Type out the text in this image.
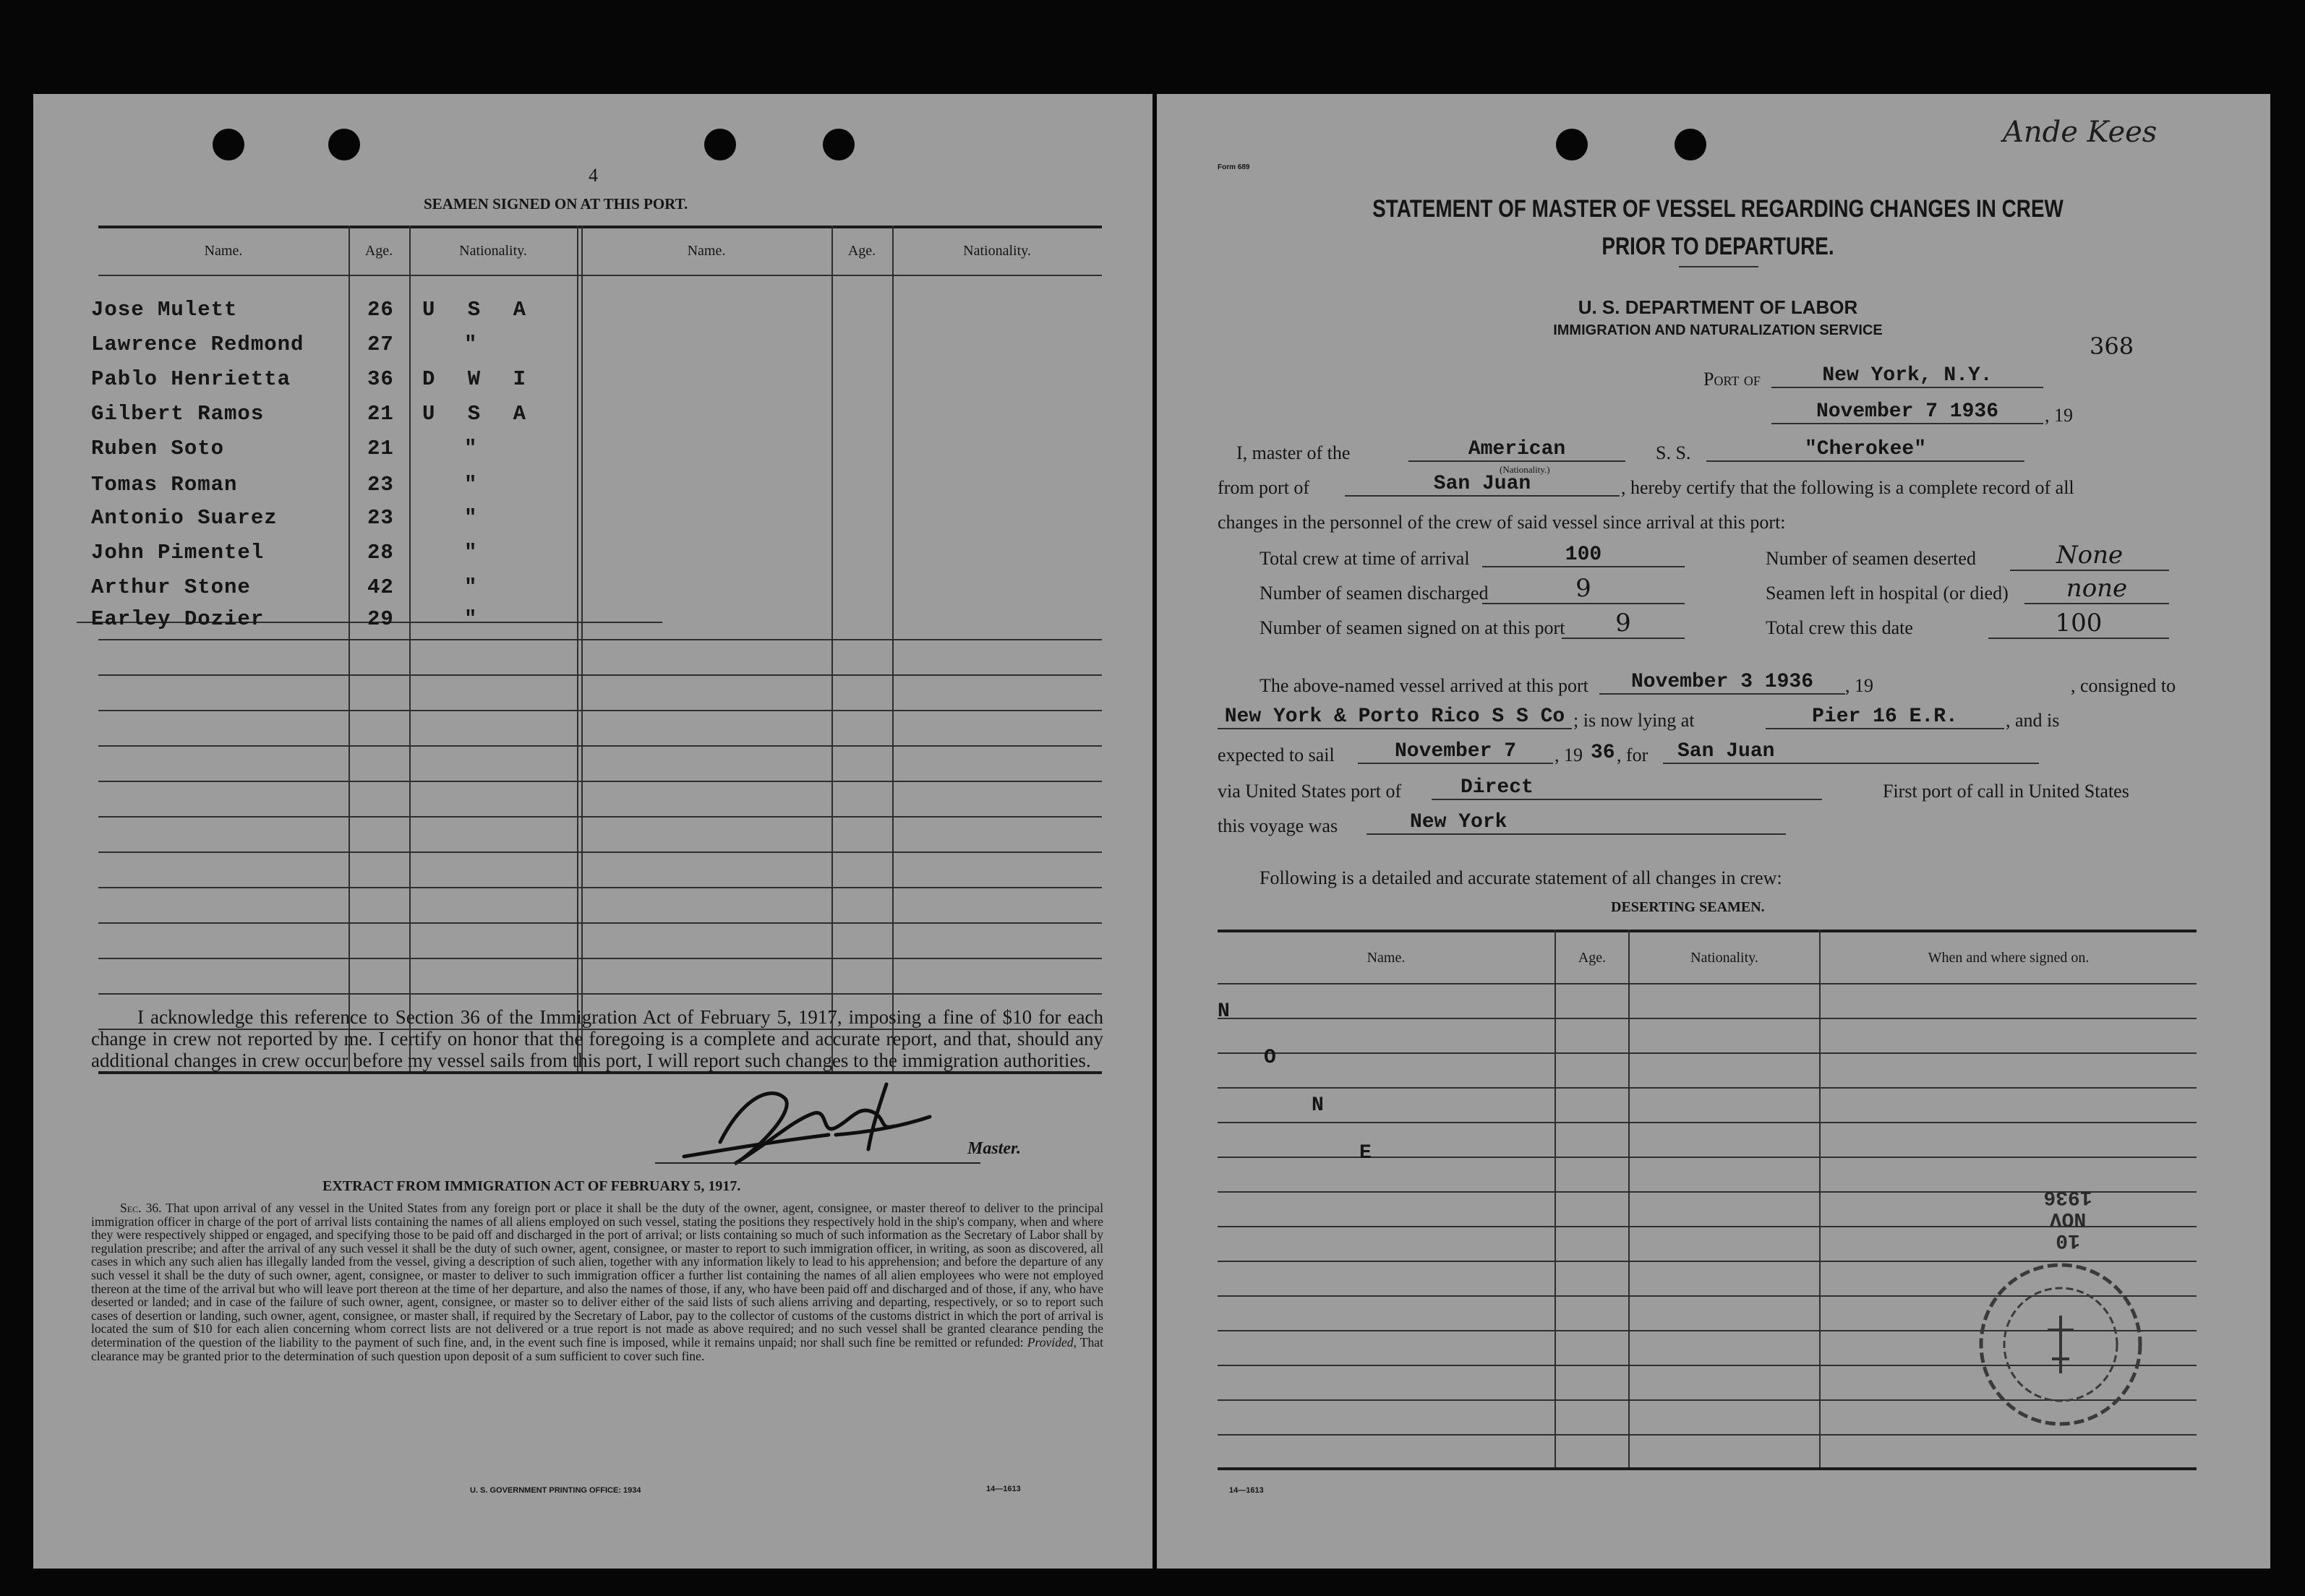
4
SEAMEN SIGNED ON AT THIS PORT.
Name.	Age.	Nationality.	Name.	Age.	Nationality.
Jose Mulett	26 U S A
Lawrence Redmond	27	"
Pablo Henrietta	36 D W I
Gilbert Ramos	21 U S A
Ruben Soto	21	"
Tomas Roman	23	"
Antonio Suarez	23	"
John Pimentel	28	"
Arthur Stone	42	"
Earley Dozier	29	"
I acknowledge this reference to Section 36 of the Immigration Act of February 5, 1917, imposing a fine of $10 for each change in crew not reported by me. I certify on honor that the foregoing is a complete and accurate report, and that, should any additional changes in crew occur before my vessel sails from this port, I will report such changes to the immigration authorities.
Master.
EXTRACT FROM IMMIGRATION ACT OF FEBRUARY 5, 1917.
Sec. 36. That upon arrival of any vessel in the United States from any foreign port or place it shall be the duty of the owner, agent, consignee, or master thereof to deliver to the principal immigration officer in charge of the port of arrival lists containing the names of all aliens employed on such vessel, stating the positions they respectively hold in the ship's company, when and where they were respectively shipped or engaged, and specifying those to be paid off and discharged in the port of arrival; or lists containing so much of such information as the Secretary of Labor shall by regulation prescribe; and after the arrival of any such vessel it shall be the duty of such owner, agent, consignee, or master to report to such immigration officer, in writing, as soon as discovered, all cases in which any such alien has illegally landed from the vessel, giving a description of such alien, together with any information likely to lead to his apprehension; and before the departure of any such vessel it shall be the duty of such owner, agent, consignee, or master to deliver to such immigration officer a further list containing the names of all alien employees who were not employed thereon at the time of the arrival but who will leave port thereon at the time of her departure, and also the names of those, if any, who have been paid off and discharged and of those, if any, who have deserted or landed; and in case of the failure of such owner, agent, consignee, or master so to deliver either of the said lists of such aliens arriving and departing, respectively, or so to report such cases of desertion or landing, such owner, agent, consignee, or master shall, if required by the Secretary of Labor, pay to the collector of customs of the customs district in which the port of arrival is located the sum of $10 for each alien concerning whom correct lists are not delivered or a true report is not made as above required; and no such vessel shall be granted clearance pending the determination of the question of the liability to the payment of such fine, and, in the event such fine is imposed, while it remains unpaid; nor shall such fine be remitted or refunded: Provided, That clearance may be granted prior to the determination of such question upon deposit of a sum sufficient to cover such fine.
U. S. GOVERNMENT PRINTING OFFICE: 1934	14—1613
Ande Kees
368
Form 689
STATEMENT OF MASTER OF VESSEL REGARDING CHANGES IN CREW
PRIOR TO DEPARTURE.
U. S. DEPARTMENT OF LABOR
IMMIGRATION AND NATURALIZATION SERVICE
Port of	New York, N.Y.
November 7 1936	, 19
I, master of the	American
(Nationality.)
S. S.	"Cherokee"
from port of	San Juan	, hereby certify that the following is a complete record of all
changes in the personnel of the crew of said vessel since arrival at this port:
Total crew at time of arrival	100	Number of seamen deserted	None
Number of seamen discharged	9	Seamen left in hospital (or died)	none
Number of seamen signed on at this port	9	Total crew this date	100
The above-named vessel arrived at this port	November 3 1936	, 19	, consigned to
New York & Porto Rico S S Co ; is now lying at	Pier 16 E.R.	, and is
expected to sail	November 7	, 19 36 , for	San Juan
via United States port of	Direct	First port of call in United States
this voyage was	New York
Following is a detailed and accurate statement of all changes in crew:
DESERTING SEAMEN.
Name.	Age.	Nationality.	When and where signed on.
N
O
N
E
10
NOV
1936
14—1613
